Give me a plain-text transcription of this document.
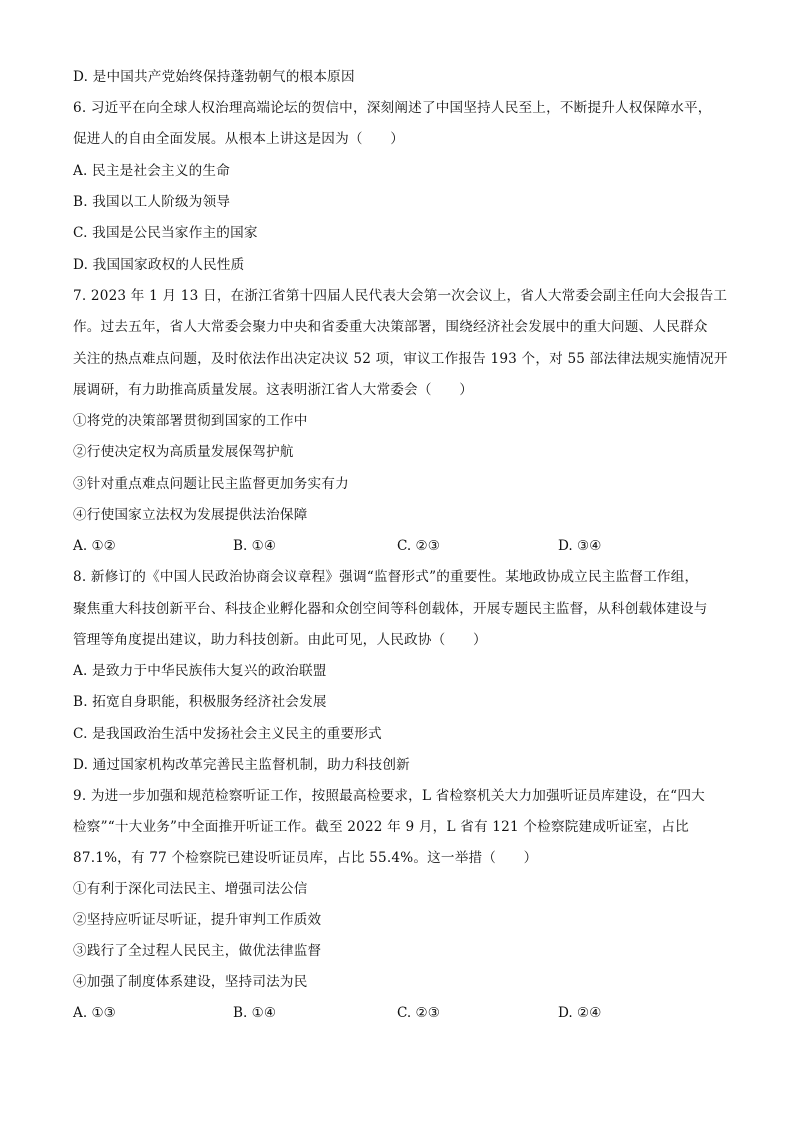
D. 是中国共产党始终保持蓬勃朝气的根本原因
6. 习近平在向全球人权治理高端论坛的贺信中，深刻阐述了中国坚持人民至上，不断提升人权保障水平，
促进人的自由全面发展。从根本上讲这是因为（　　）
A. 民主是社会主义的生命
B. 我国以工人阶级为领导
C. 我国是公民当家作主的国家
D. 我国国家政权的人民性质
7. 2023 年 1 月 13 日，在浙江省第十四届人民代表大会第一次会议上，省人大常委会副主任向大会报告工
作。过去五年，省人大常委会聚力中央和省委重大决策部署，围绕经济社会发展中的重大问题、人民群众
关注的热点难点问题，及时依法作出决定决议 52 项，审议工作报告 193 个，对 55 部法律法规实施情况开
展调研，有力助推高质量发展。这表明浙江省人大常委会（　　）
①将党的决策部署贯彻到国家的工作中
②行使决定权为高质量发展保驾护航
③针对重点难点问题让民主监督更加务实有力
④行使国家立法权为发展提供法治保障
A. ①②	B. ①④	C. ②③	D. ③④
8. 新修订的《中国人民政治协商会议章程》强调“监督形式”的重要性。某地政协成立民主监督工作组，
聚焦重大科技创新平台、科技企业孵化器和众创空间等科创载体，开展专题民主监督，从科创载体建设与
管理等角度提出建议，助力科技创新。由此可见，人民政协（　　）
A. 是致力于中华民族伟大复兴的政治联盟
B. 拓宽自身职能，积极服务经济社会发展
C. 是我国政治生活中发扬社会主义民主的重要形式
D. 通过国家机构改革完善民主监督机制，助力科技创新
9. 为进一步加强和规范检察听证工作，按照最高检要求，L 省检察机关大力加强听证员库建设，在“四大
检察”“十大业务”中全面推开听证工作。截至 2022 年 9 月，L 省有 121 个检察院建成听证室，占比
87.1%，有 77 个检察院已建设听证员库，占比 55.4%。这一举措（　　）
①有利于深化司法民主、增强司法公信
②坚持应听证尽听证，提升审判工作质效
③践行了全过程人民民主，做优法律监督
④加强了制度体系建设，坚持司法为民
A. ①③	B. ①④	C. ②③	D. ②④
